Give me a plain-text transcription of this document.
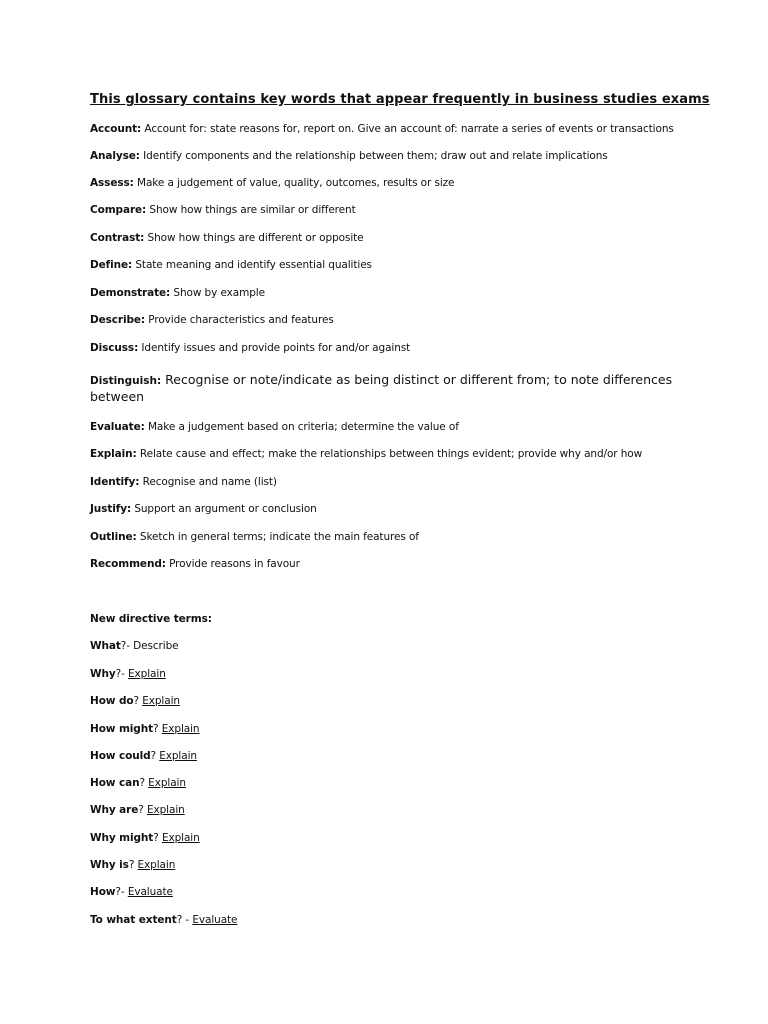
This glossary contains key words that appear frequently in business studies exams
Account: Account for: state reasons for, report on. Give an account of: narrate a series of events or transactions
Analyse: Identify components and the relationship between them; draw out and relate implications
Assess: Make a judgement of value, quality, outcomes, results or size
Compare: Show how things are similar or different
Contrast: Show how things are different or opposite
Define: State meaning and identify essential qualities
Demonstrate: Show by example
Describe: Provide characteristics and features
Discuss: Identify issues and provide points for and/or against
Distinguish: Recognise or note/indicate as being distinct or different from; to note differences between
Evaluate: Make a judgement based on criteria; determine the value of
Explain: Relate cause and effect; make the relationships between things evident; provide why and/or how
Identify: Recognise and name (list)
Justify: Support an argument or conclusion
Outline: Sketch in general terms; indicate the main features of
Recommend: Provide reasons in favour
New directive terms:
What?- Describe
Why?- Explain
How do? Explain
How might? Explain
How could? Explain
How can? Explain
Why are? Explain
Why might? Explain
Why is? Explain
How?- Evaluate
To what extent? - Evaluate
